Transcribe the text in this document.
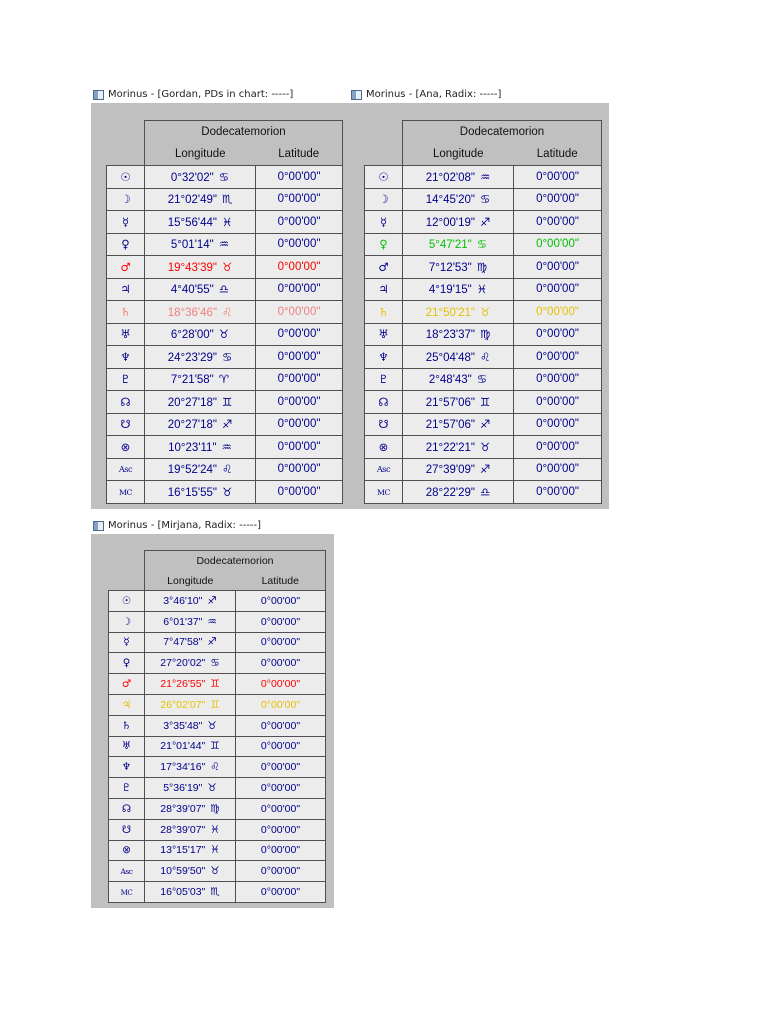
Morinus - [Gordan, PDs in chart: -----]
	Dodecatemorion	
	Longitude	Latitude
☉	0°32'02" ♋	0°00'00"
☽	21°02'49" ♏	0°00'00"
☿	15°56'44" ♓	0°00'00"
♀	5°01'14" ♒	0°00'00"
♂	19°43'39" ♉	0°00'00"
♃	4°40'55" ♎	0°00'00"
♄	18°36'46" ♌	0°00'00"
♅	6°28'00" ♉	0°00'00"
♆	24°23'29" ♋	0°00'00"
♇	7°21'58" ♈	0°00'00"
☊	20°27'18" ♊	0°00'00"
☋	20°27'18" ♐	0°00'00"
⊗	10°23'11" ♒	0°00'00"
Asc	19°52'24" ♌	0°00'00"
MC	16°15'55" ♉	0°00'00"
Morinus - [Ana, Radix: -----]
	Dodecatemorion	
	Longitude	Latitude
☉	21°02'08" ♒	0°00'00"
☽	14°45'20" ♋	0°00'00"
☿	12°00'19" ♐	0°00'00"
♀	5°47'21" ♋	0°00'00"
♂	7°12'53" ♍	0°00'00"
♃	4°19'15" ♓	0°00'00"
♄	21°50'21" ♉	0°00'00"
♅	18°23'37" ♍	0°00'00"
♆	25°04'48" ♌	0°00'00"
♇	2°48'43" ♋	0°00'00"
☊	21°57'06" ♊	0°00'00"
☋	21°57'06" ♐	0°00'00"
⊗	21°22'21" ♉	0°00'00"
Asc	27°39'09" ♐	0°00'00"
MC	28°22'29" ♎	0°00'00"
Morinus - [Mirjana, Radix: -----]
	Dodecatemorion	
	Longitude	Latitude
☉	3°46'10" ♐	0°00'00"
☽	6°01'37" ♒	0°00'00"
☿	7°47'58" ♐	0°00'00"
♀	27°20'02" ♋	0°00'00"
♂	21°26'55" ♊	0°00'00"
♃	26°02'07" ♊	0°00'00"
♄	3°35'48" ♉	0°00'00"
♅	21°01'44" ♊	0°00'00"
♆	17°34'16" ♌	0°00'00"
♇	5°36'19" ♉	0°00'00"
☊	28°39'07" ♍	0°00'00"
☋	28°39'07" ♓	0°00'00"
⊗	13°15'17" ♓	0°00'00"
Asc	10°59'50" ♉	0°00'00"
MC	16°05'03" ♏	0°00'00"
